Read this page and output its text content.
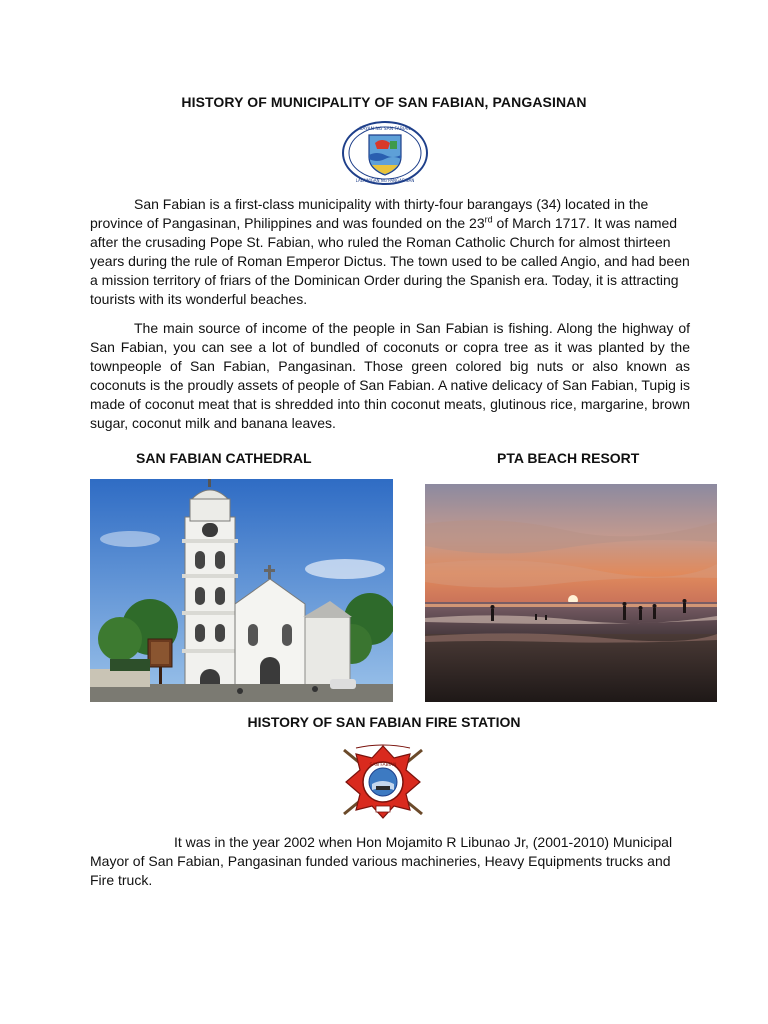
HISTORY OF MUNICIPALITY OF SAN FABIAN, PANGASINAN
BAYAN NG SAN FABIAN
LALAWIGAN NG PANGASINAN

San Fabian is a first-class municipality with thirty-four barangays (34) located in the province of Pangasinan, Philippines and was founded on the 23rd of March 1717. It was named after the crusading Pope St. Fabian, who ruled the Roman Catholic Church for almost thirteen years during the rule of Roman Emperor Dictus. The town used to be called Angio, and had been a mission territory of friars of the Dominican Order during the Spanish era. Today, it is attracting tourists with its wonderful beaches.

The main source of income of the people in San Fabian is fishing. Along the highway of San Fabian, you can see a lot of bundled of coconuts or copra tree as it was planted by the townpeople of San Fabian, Pangasinan. Those green colored big nuts or also known as coconuts is the proudly assets of people of San Fabian. A native delicacy of San Fabian, Tupig is made of coconut meat that is shredded into thin coconut meats, glutinous rice, margarine, brown sugar, coconut milk and banana leaves.

SAN FABIAN CATHEDRAL	PTA BEACH RESORT
HISTORY OF SAN FABIAN FIRE STATION
SAN FABIAN

It was in the year 2002 when Hon Mojamito R Libunao Jr, (2001-2010) Municipal Mayor of San Fabian, Pangasinan funded various machineries, Heavy Equipments trucks and Fire truck.
